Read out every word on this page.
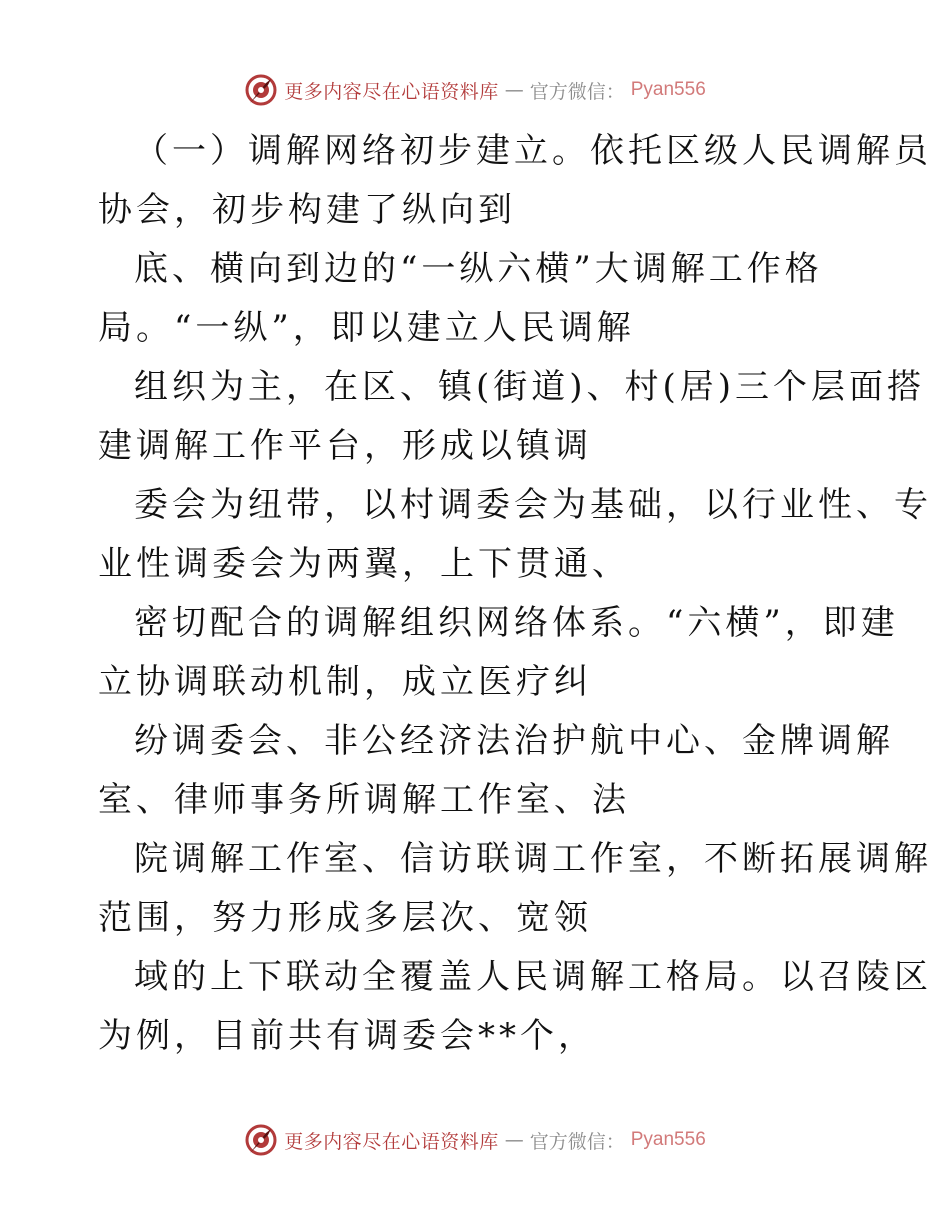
更多内容尽在心语资料库 — 官方微信： Pyan556
（一）调解网络初步建立。依托区级人民调解员
协会，初步构建了纵向到
底、横向到边的“一纵六横”大调解工作格
局。“一纵”，即以建立人民调解
组织为主，在区、镇(街道)、村(居)三个层面搭
建调解工作平台，形成以镇调
委会为纽带，以村调委会为基础，以行业性、专
业性调委会为两翼，上下贯通、
密切配合的调解组织网络体系。“六横”，即建
立协调联动机制，成立医疗纠
纷调委会、非公经济法治护航中心、金牌调解
室、律师事务所调解工作室、法
院调解工作室、信访联调工作室，不断拓展调解
范围，努力形成多层次、宽领
域的上下联动全覆盖人民调解工格局。以召陵区
为例，目前共有调委会**个，
更多内容尽在心语资料库 — 官方微信： Pyan556
